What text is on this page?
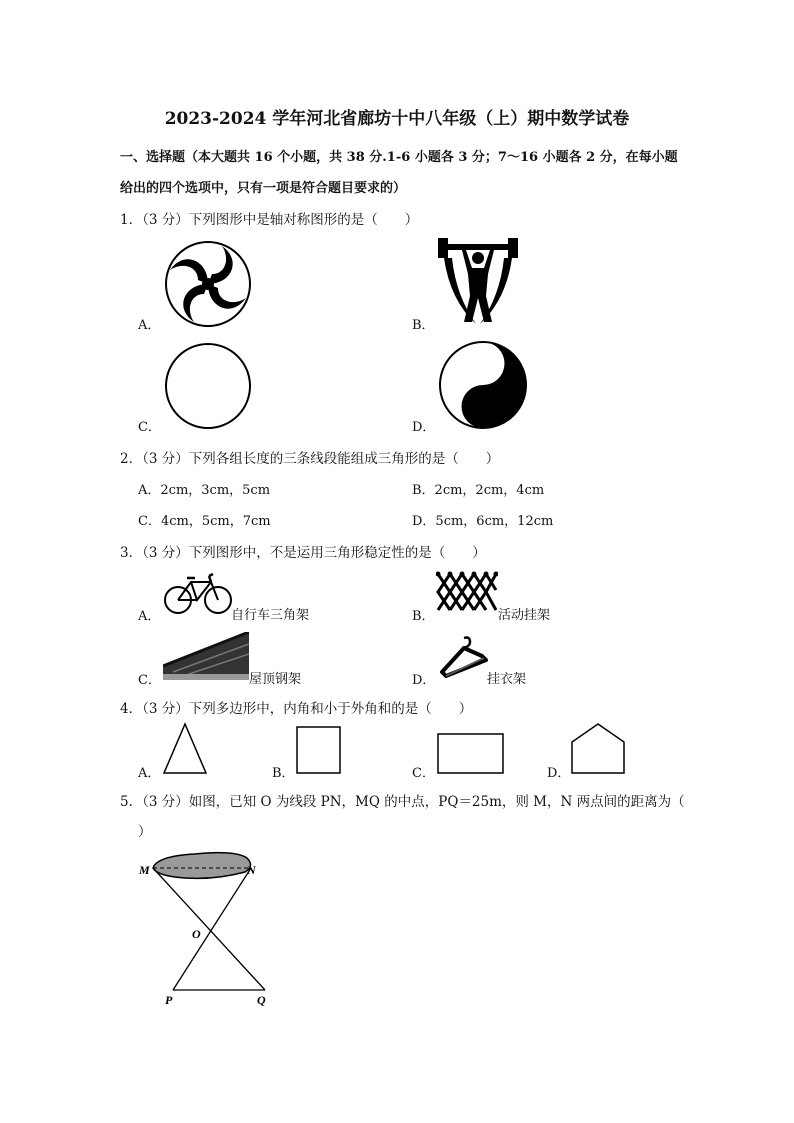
2023-2024 学年河北省廊坊十中八年级（上）期中数学试卷
一、选择题（本大题共 16 个小题，共 38 分.1-6 小题各 3 分；7～16 小题各 2 分，在每小题
给出的四个选项中，只有一项是符合题目要求的）
1．（3 分）下列图形中是轴对称图形的是（　　）
A．	B．
C．	D．
2．（3 分）下列各组长度的三条线段能组成三角形的是（　　）
A．2cm，3cm，5cm	B．2cm，2cm，4cm
C．4cm，5cm，7cm	D．5cm，6cm，12cm
3．（3 分）下列图形中，不是运用三角形稳定性的是（　　）
A．	自行车三角架	B．	活动挂架
C．	屋顶钢架	D．	挂衣架
4．（3 分）下列多边形中，内角和小于外角和的是（　　）
A．	B．	C．	D．
5．（3 分）如图，已知 O 为线段 PN，MQ 的中点，PQ＝25m，则 M，N 两点间的距离为（
）
M	N
O
P	Q
